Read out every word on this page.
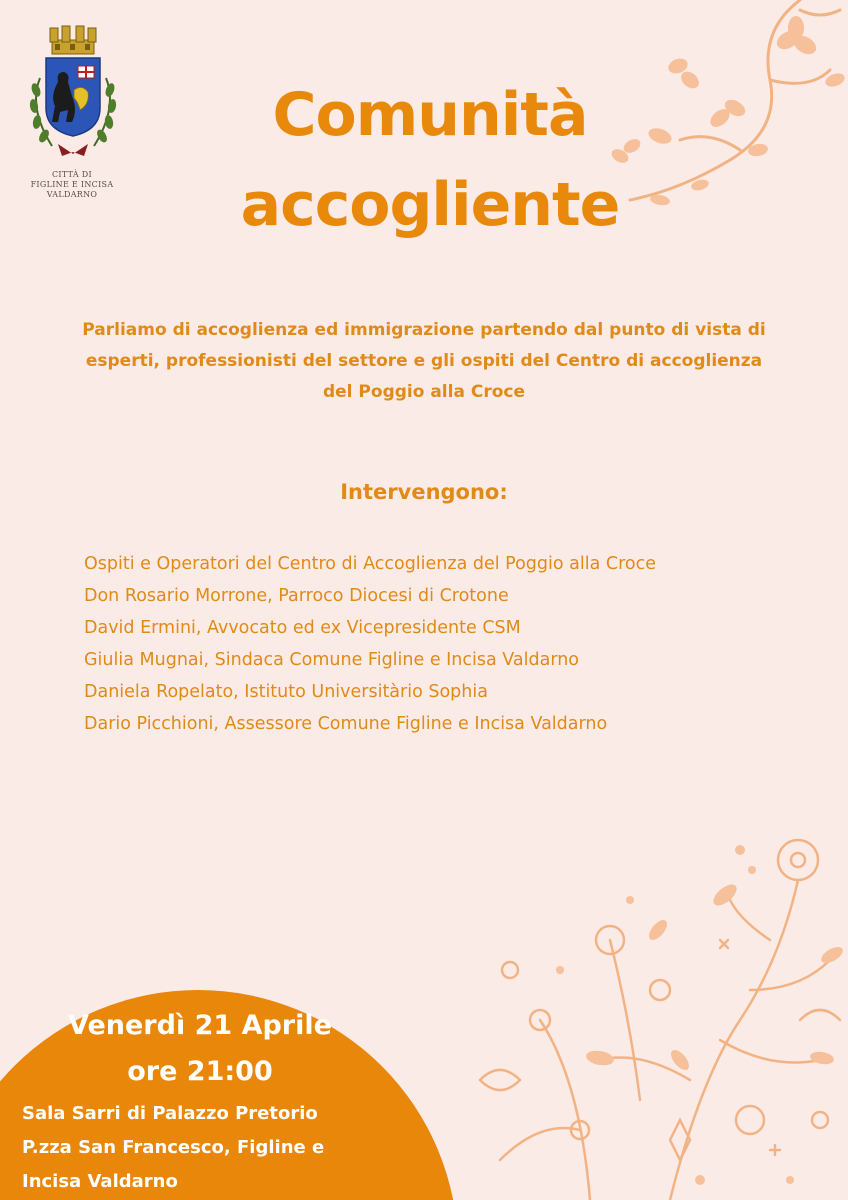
CITTÀ DI
FIGLINE E INCISA
VALDARNO
Comunità
accogliente
Parliamo di accoglienza ed immigrazione partendo dal punto di vista di esperti, professionisti del settore e gli ospiti del Centro di accoglienza del Poggio alla Croce
Intervengono:
Ospiti e Operatori del Centro di Accoglienza del Poggio alla Croce
Don Rosario Morrone, Parroco Diocesi di Crotone
David Ermini, Avvocato ed ex Vicepresidente CSM
Giulia Mugnai, Sindaca Comune Figline e Incisa Valdarno
Daniela Ropelato, Istituto Universitàrio Sophia
Dario Picchioni, Assessore Comune Figline e Incisa Valdarno
Venerdì 21 Aprile
ore 21:00
Sala Sarri di Palazzo Pretorio
P.zza San Francesco, Figline e
Incisa Valdarno
